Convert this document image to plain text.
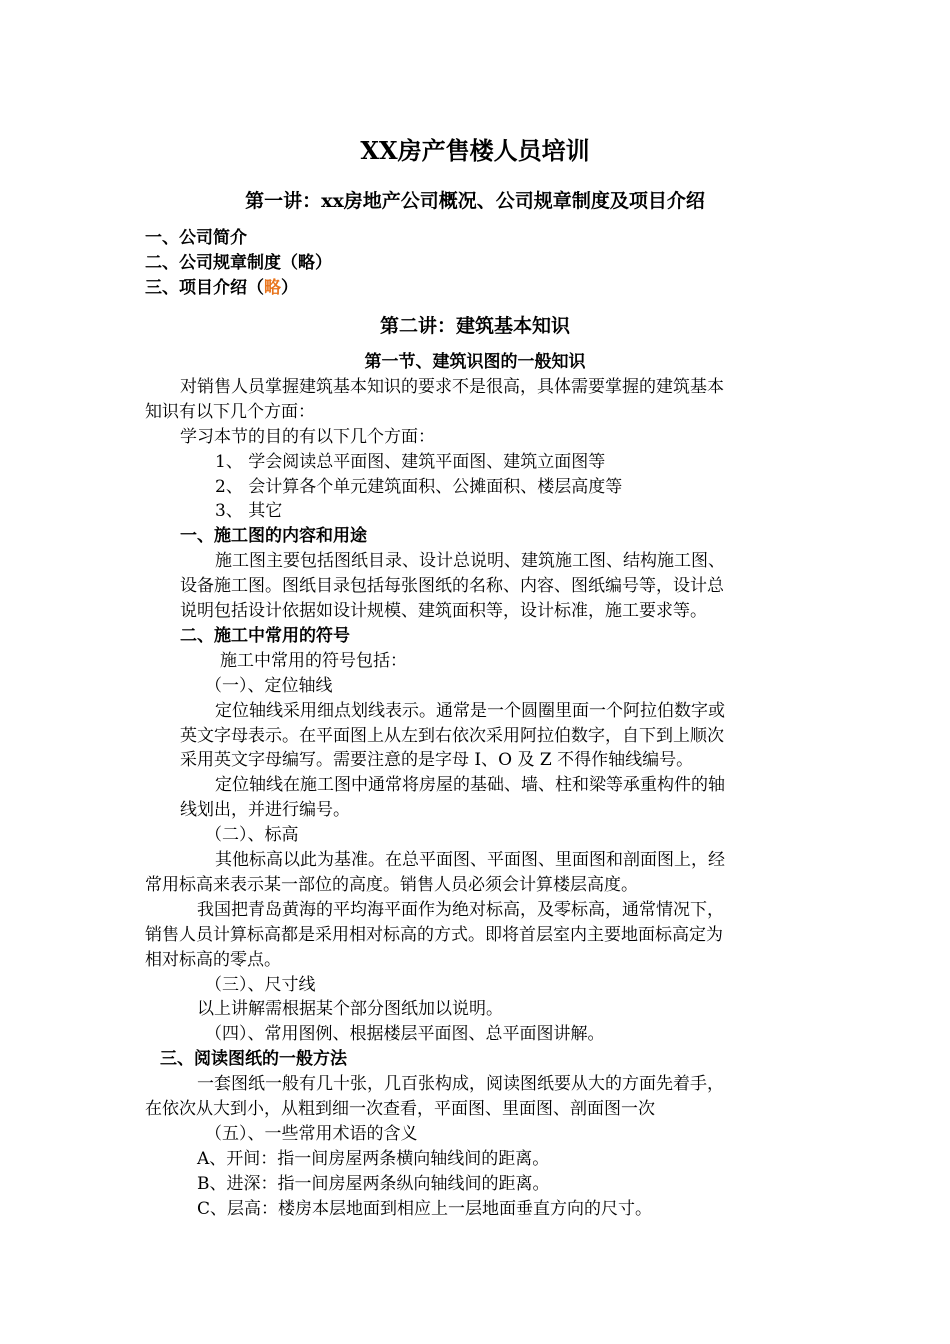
XX房产售楼人员培训
第一讲：xx房地产公司概况、公司规章制度及项目介绍
一、公司简介
二、公司规章制度（略）
三、项目介绍（略）
第二讲：建筑基本知识
第一节、建筑识图的一般知识
对销售人员掌握建筑基本知识的要求不是很高，具体需要掌握的建筑基本
知识有以下几个方面：
学习本节的目的有以下几个方面：
1、 学会阅读总平面图、建筑平面图、建筑立面图等
2、 会计算各个单元建筑面积、公摊面积、楼层高度等
3、 其它
一、施工图的内容和用途
施工图主要包括图纸目录、设计总说明、建筑施工图、结构施工图、
设备施工图。图纸目录包括每张图纸的名称、内容、图纸编号等，设计总
说明包括设计依据如设计规模、建筑面积等，设计标准，施工要求等。
二、施工中常用的符号
施工中常用的符号包括：
（一）、定位轴线
定位轴线采用细点划线表示。通常是一个圆圈里面一个阿拉伯数字或
英文字母表示。在平面图上从左到右依次采用阿拉伯数字，自下到上顺次
采用英文字母编写。需要注意的是字母 I、O 及 Z 不得作轴线编号。
定位轴线在施工图中通常将房屋的基础、墙、柱和梁等承重构件的轴
线划出，并进行编号。
（二）、标高
其他标高以此为基准。在总平面图、平面图、里面图和剖面图上，经
常用标高来表示某一部位的高度。销售人员必须会计算楼层高度。
我国把青岛黄海的平均海平面作为绝对标高，及零标高，通常情况下，
销售人员计算标高都是采用相对标高的方式。即将首层室内主要地面标高定为
相对标高的零点。
（三）、尺寸线
以上讲解需根据某个部分图纸加以说明。
（四）、常用图例、根据楼层平面图、总平面图讲解。
三、阅读图纸的一般方法
一套图纸一般有几十张，几百张构成，阅读图纸要从大的方面先着手，
在依次从大到小，从粗到细一次查看，平面图、里面图、剖面图一次
（五）、一些常用术语的含义
A、开间：指一间房屋两条横向轴线间的距离。
B、进深：指一间房屋两条纵向轴线间的距离。
C、层高：楼房本层地面到相应上一层地面垂直方向的尺寸。
